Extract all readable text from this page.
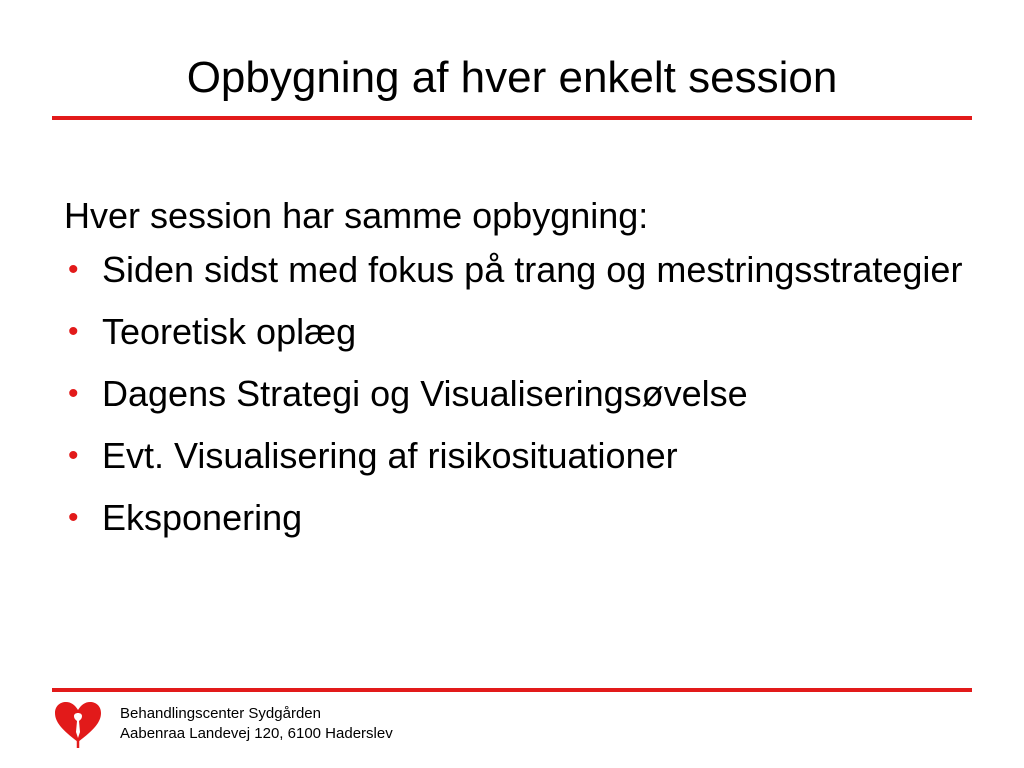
Opbygning af hver enkelt session
Hver session har samme opbygning:
• Siden sidst med fokus på trang og mestringsstrategier
• Teoretisk oplæg
• Dagens Strategi og Visualiseringsøvelse
• Evt. Visualisering af risikosituationer
• Eksponering
Behandlingscenter Sydgården
Aabenraa Landevej 120, 6100 Haderslev
